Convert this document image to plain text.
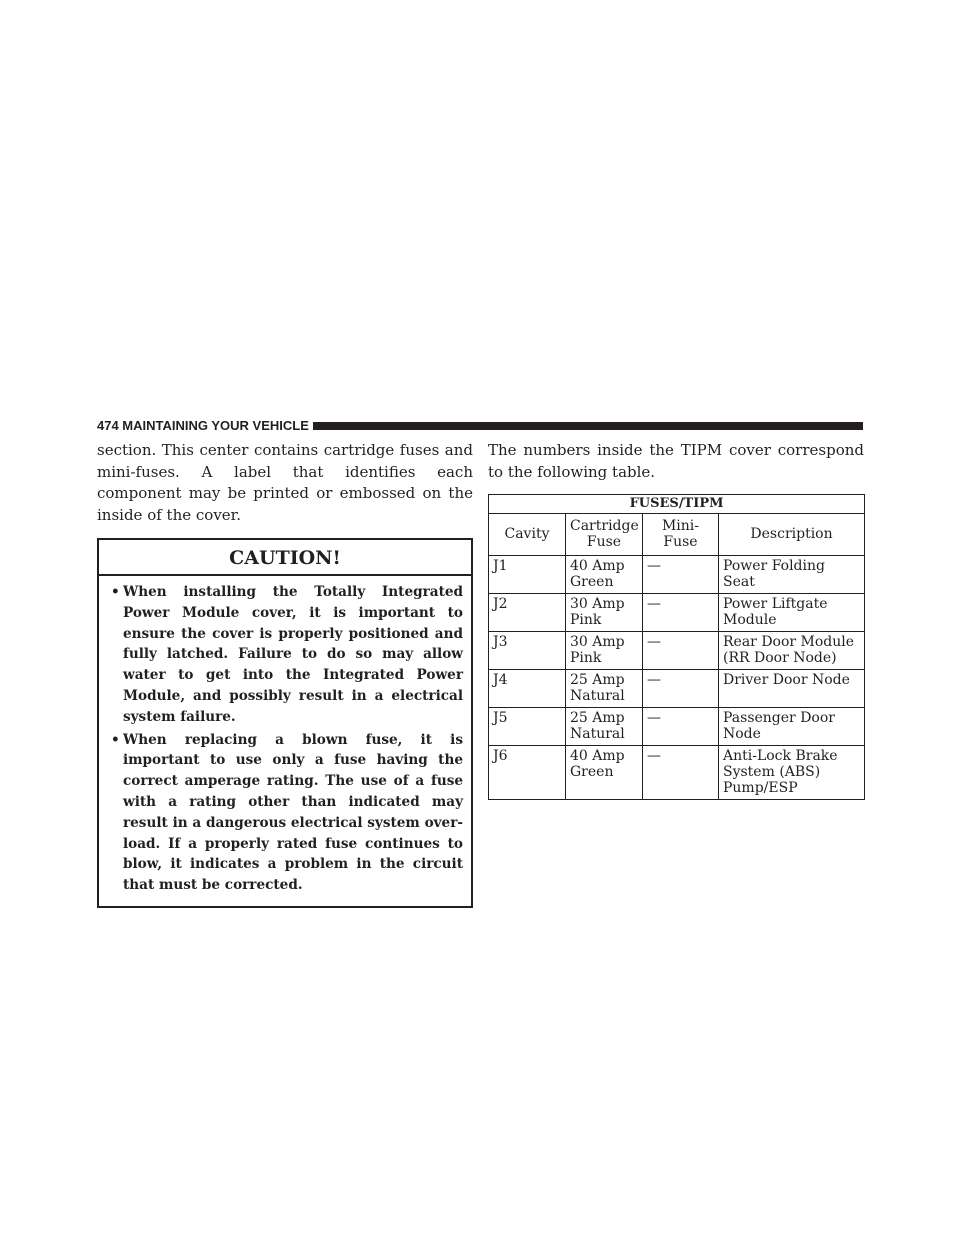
474 MAINTAINING YOUR VEHICLE

section. This center contains cartridge fuses and mini-fuses. A label that identifies each component may be printed or embossed on the inside of the cover.

CAUTION!
• When installing the Totally Integrated Power Module cover, it is important to ensure the cover is properly positioned and fully latched. Failure to do so may allow water to get into the Integrated Power Module, and possibly result in a electrical system failure.
• When replacing a blown fuse, it is important to use only a fuse having the correct amperage rating. The use of a fuse with a rating other than indicated may result in a dangerous electrical system over-load. If a properly rated fuse continues to blow, it indicates a problem in the circuit that must be corrected.

The numbers inside the TIPM cover correspond to the following table.

FUSES/TIPM			
Cavity	Cartridge Fuse	Mini-Fuse	Description
J1	40 Amp Green	—	Power Folding Seat
J2	30 Amp Pink	—	Power Liftgate Module
J3	30 Amp Pink	—	Rear Door Module (RR Door Node)
J4	25 Amp Natural	—	Driver Door Node
J5	25 Amp Natural	—	Passenger Door Node
J6	40 Amp Green	—	Anti-Lock Brake System (ABS) Pump/ESP
